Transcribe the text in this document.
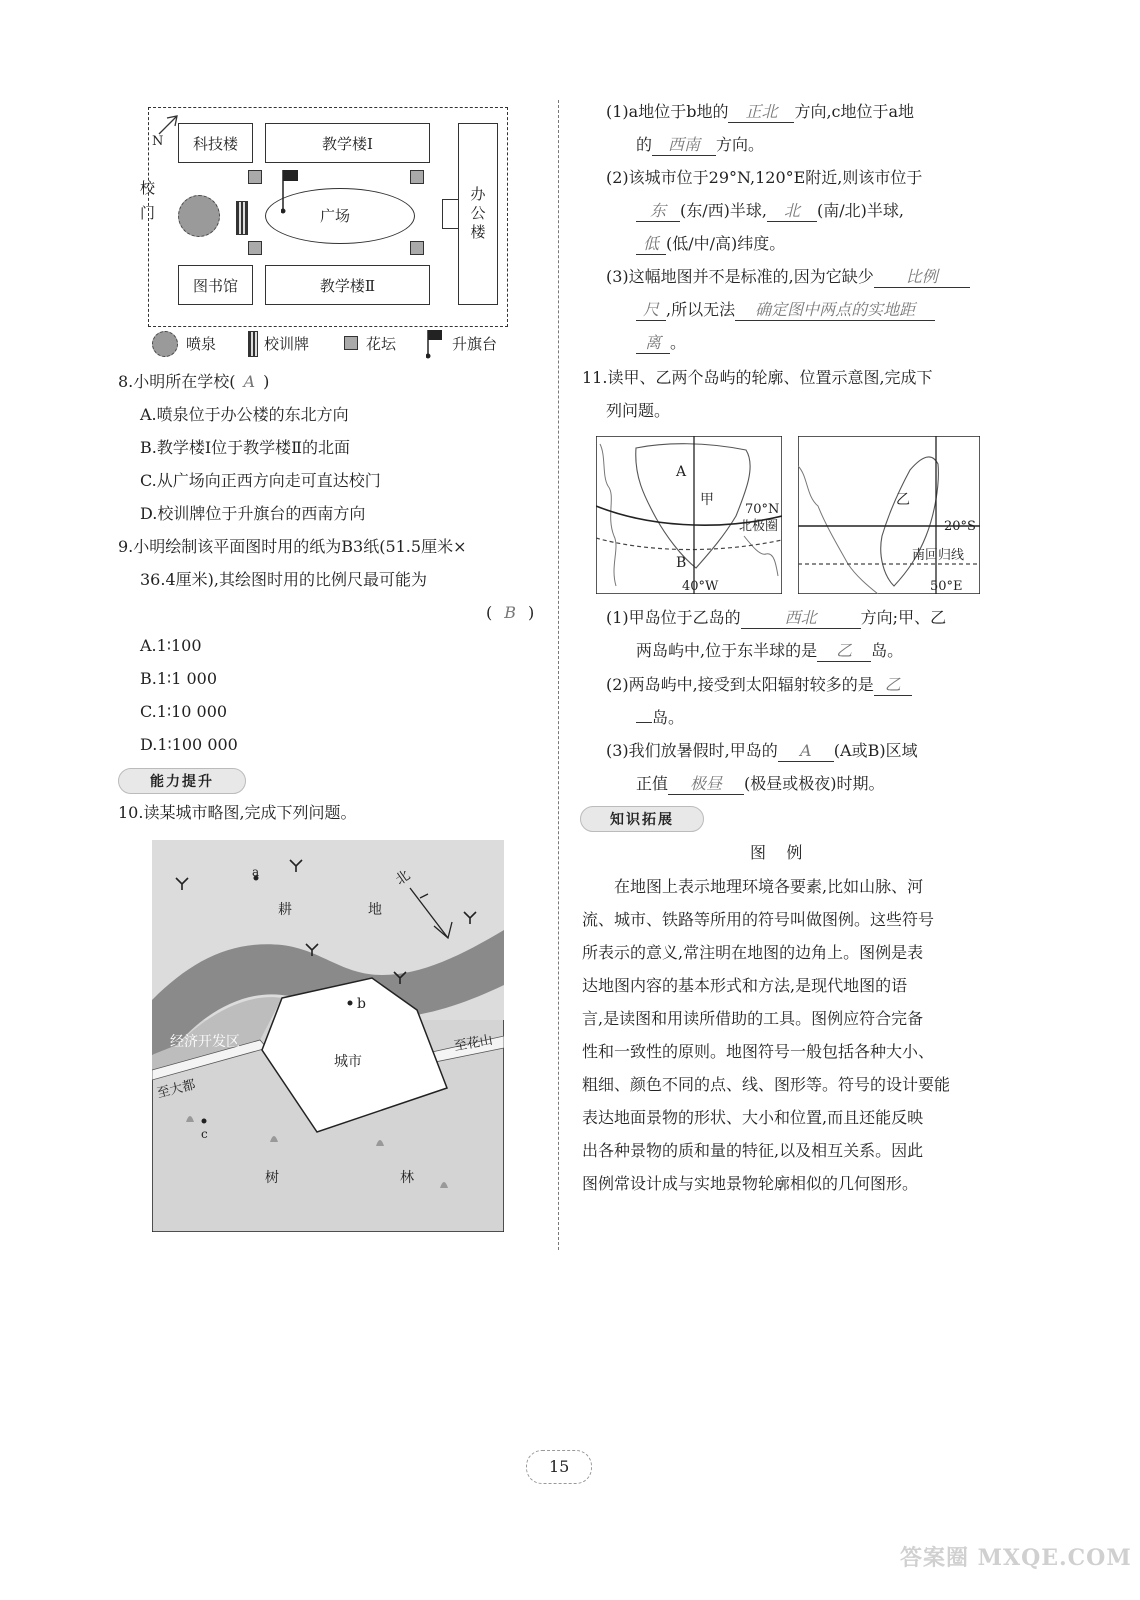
N	科技楼	教学楼Ⅰ
办公楼
校门	广场
图书馆	教学楼Ⅱ
喷泉	校训牌	花坛	升旗台
8.小明所在学校( A )
A.喷泉位于办公楼的东北方向
B.教学楼Ⅰ位于教学楼Ⅱ的北面
C.从广场向正西方向走可直达校门
D.校训牌位于升旗台的西南方向
9.小明绘制该平面图时用的纸为B3纸(51.5厘米×
36.4厘米),其绘图时用的比例尺最可能为
( B )
A.1∶100
B.1∶1 000
C.1∶10 000
D.1∶100 000
能力提升
10.读某城市略图,完成下列问题。
a
b
c
北
耕	地
经济开发区
城市
至大都
至花山
树	林
(1)a地位于b地的 正北 方向,c地位于a地
的 西南 方向。
(2)该城市位于29°N,120°E附近,则该市位于
东 (东/西)半球, 北 (南/北)半球,
低 (低/中/高)纬度。
(3)这幅地图并不是标准的,因为它缺少 比例
尺 ,所以无法 确定图中两点的实地距
离 。
11.读甲、乙两个岛屿的轮廓、位置示意图,完成下
列问题。
A
甲
70°N
北极圈
B
40°W
乙
20°S
南回归线
50°E
(1)甲岛位于乙岛的	西北	方向;甲、乙
两岛屿中,位于东半球的是 乙 岛。
(2)两岛屿中,接受到太阳辐射较多的是 乙
岛。
(3)我们放暑假时,甲岛的 A (A或B)区域
正值 极昼 (极昼或极夜)时期。
知识拓展
图    例
在地图上表示地理环境各要素,比如山脉、河
流、城市、铁路等所用的符号叫做图例。这些符号
所表示的意义,常注明在地图的边角上。图例是表
达地图内容的基本形式和方法,是现代地图的语
言,是读图和用读所借助的工具。图例应符合完备
性和一致性的原则。地图符号一般包括各种大小、
粗细、颜色不同的点、线、图形等。符号的设计要能
表达地面景物的形状、大小和位置,而且还能反映
出各种景物的质和量的特征,以及相互关系。因此
图例常设计成与实地景物轮廓相似的几何图形。
15
答案圈 MXQE.COM
